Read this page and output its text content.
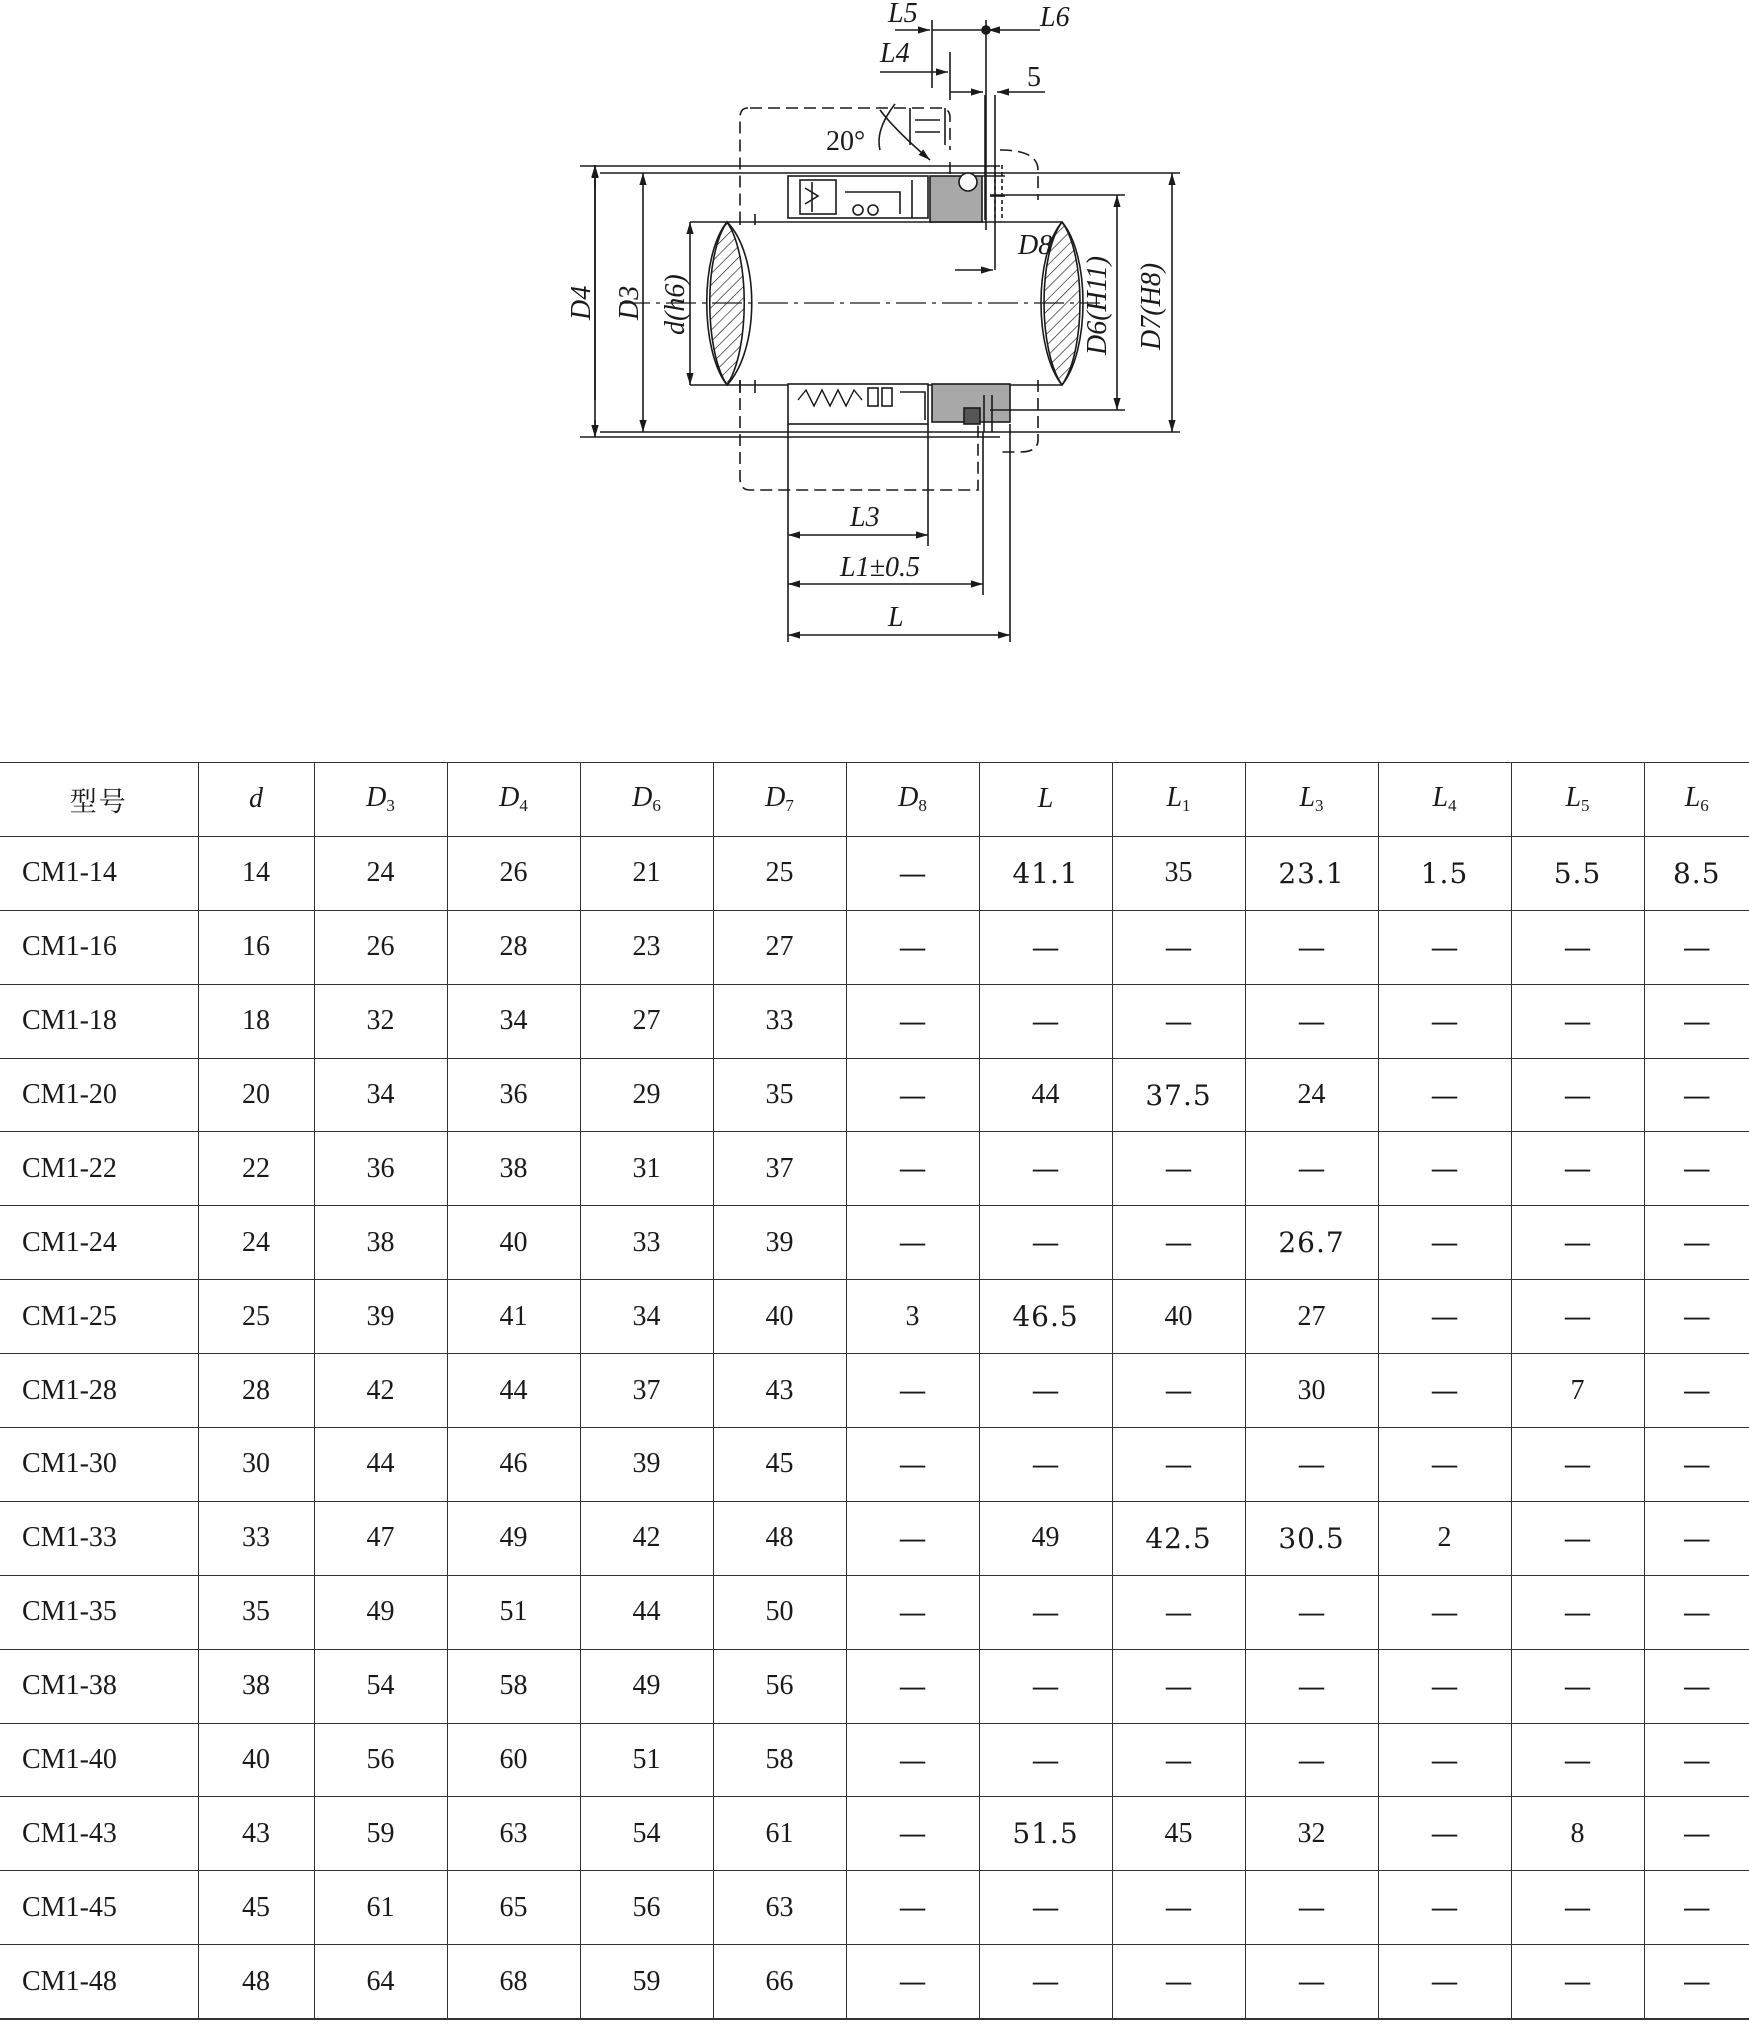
L5	L6
L4
5
20°
D8
L3
L1±0.5
L
D4 D3 d(h6)	D6(H11) D7(H8)
型号	d	$D_3$	$D_4$	$D_6$	$D_7$	$D_8$	L	$L_1$	$L_3$	$L_4$	$L_5$	$L_6$
CM1-14	14	24	26	21	25	—	41.1	35	23.1	1.5	5.5	8.5
CM1-16	16	26	28	23	27	—	—	—	—	—	—	—
CM1-18	18	32	34	27	33	—	—	—	—	—	—	—
CM1-20	20	34	36	29	35	—	44	37.5	24	—	—	—
CM1-22	22	36	38	31	37	—	—	—	—	—	—	—
CM1-24	24	38	40	33	39	—	—	—	26.7	—	—	—
CM1-25	25	39	41	34	40	3	46.5	40	27	—	—	—
CM1-28	28	42	44	37	43	—	—	—	30	—	7	—
CM1-30	30	44	46	39	45	—	—	—	—	—	—	—
CM1-33	33	47	49	42	48	—	49	42.5	30.5	2	—	—
CM1-35	35	49	51	44	50	—	—	—	—	—	—	—
CM1-38	38	54	58	49	56	—	—	—	—	—	—	—
CM1-40	40	56	60	51	58	—	—	—	—	—	—	—
CM1-43	43	59	63	54	61	—	51.5	45	32	—	8	—
CM1-45	45	61	65	56	63	—	—	—	—	—	—	—
CM1-48	48	64	68	59	66	—	—	—	—	—	—	—
